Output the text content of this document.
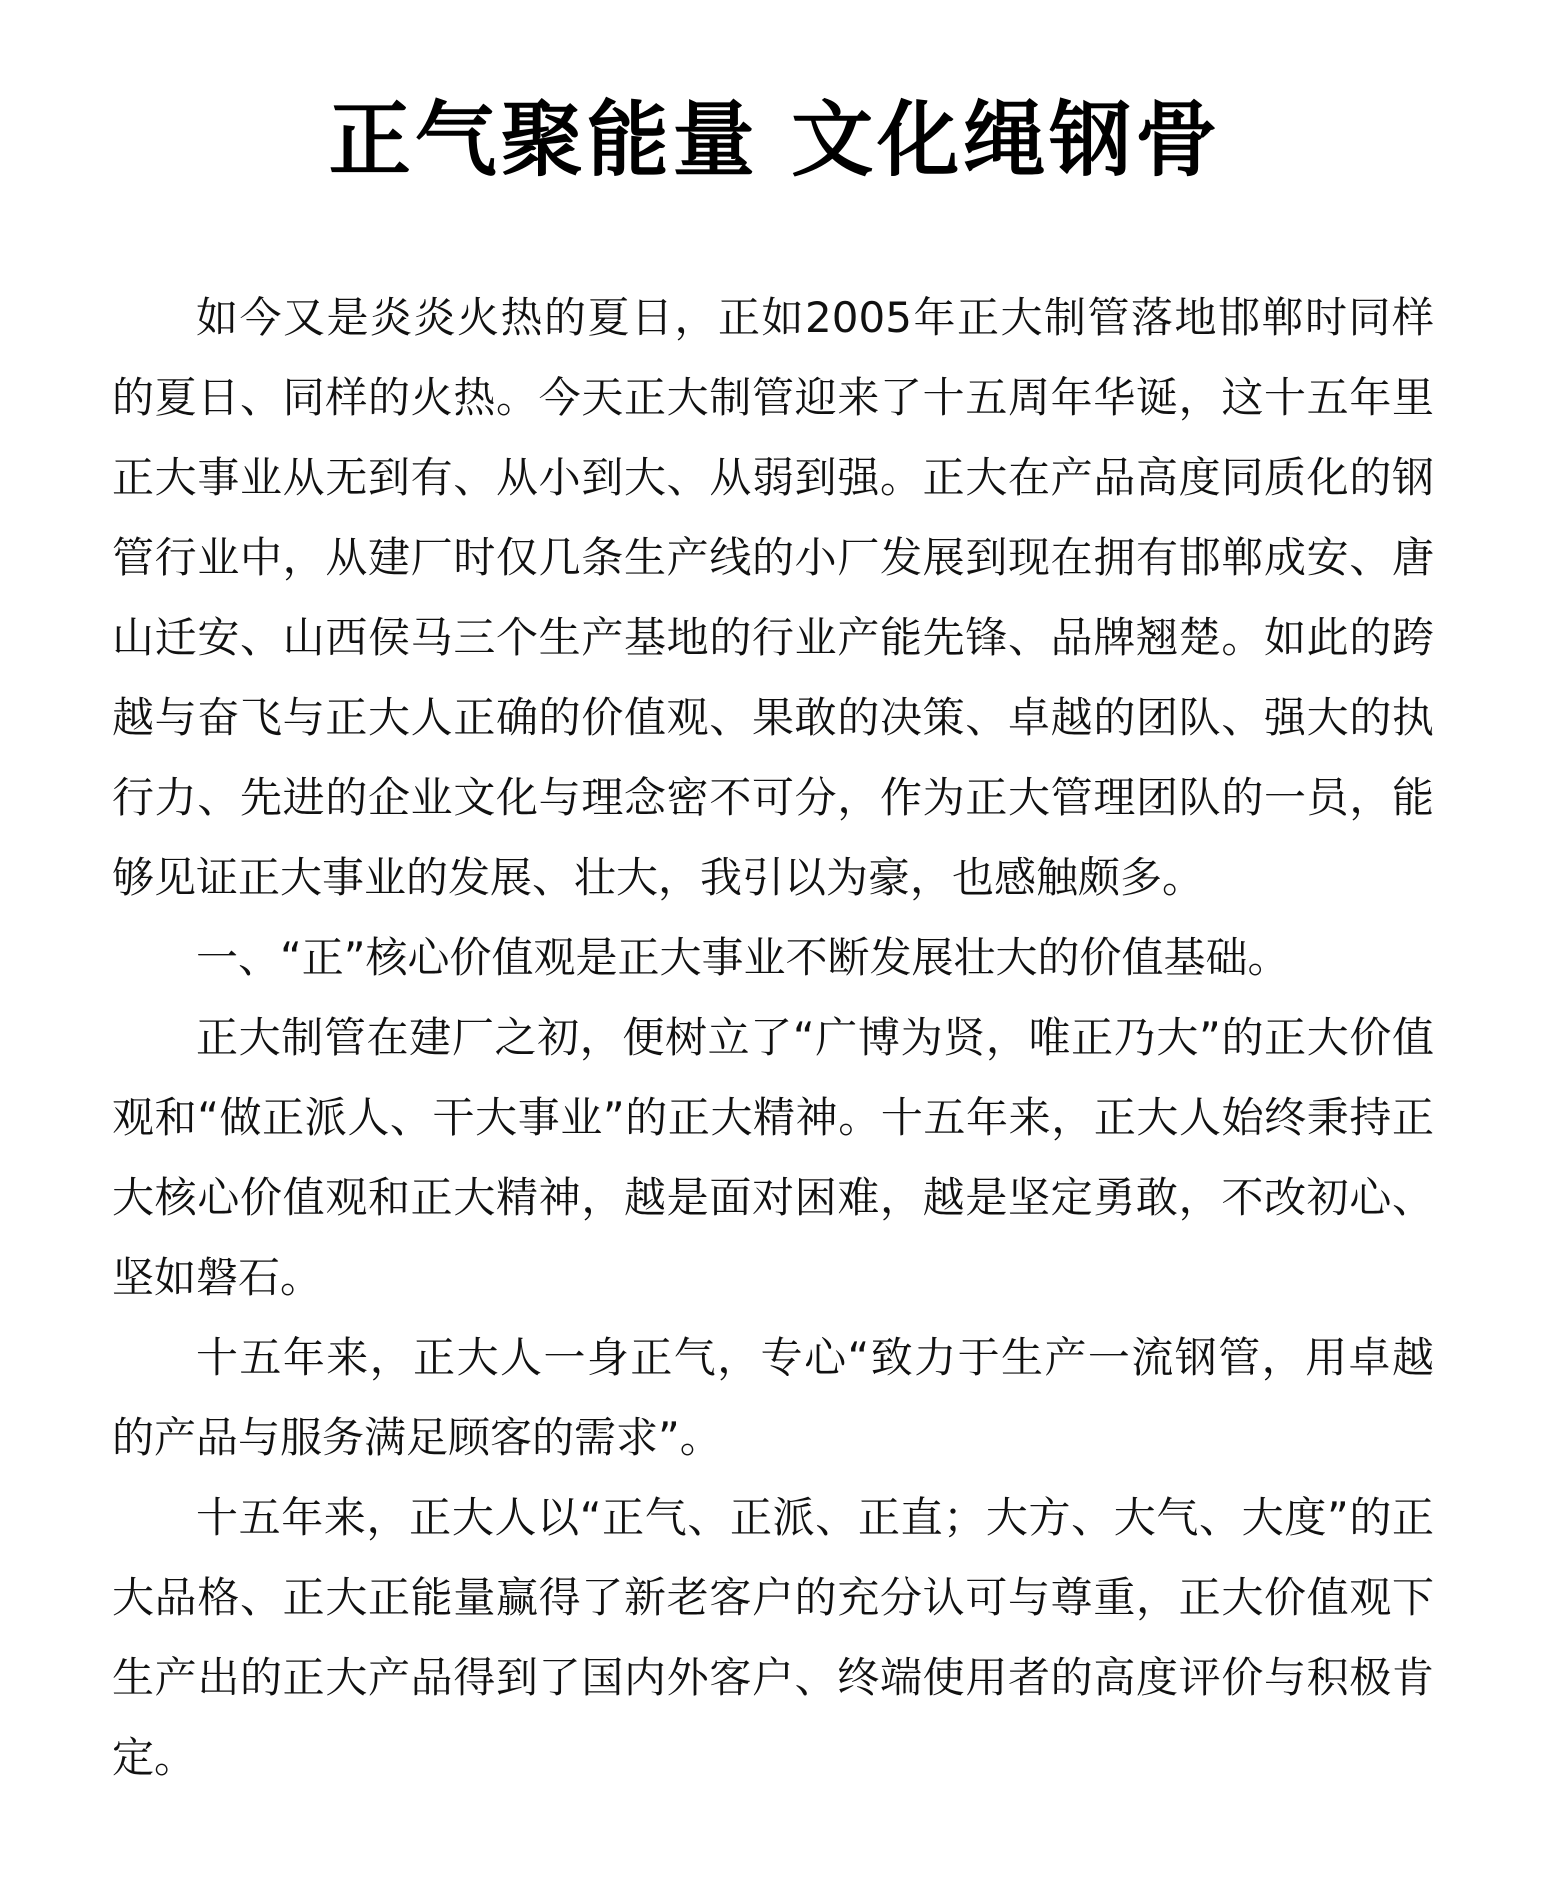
正气聚能量 文化绳钢骨

如今又是炎炎火热的夏日，正如2005年正大制管落地邯郸时同样的夏日、同样的火热。今天正大制管迎来了十五周年华诞，这十五年里正大事业从无到有、从小到大、从弱到强。正大在产品高度同质化的钢管行业中，从建厂时仅几条生产线的小厂发展到现在拥有邯郸成安、唐山迁安、山西侯马三个生产基地的行业产能先锋、品牌翘楚。如此的跨越与奋飞与正大人正确的价值观、果敢的决策、卓越的团队、强大的执行力、先进的企业文化与理念密不可分，作为正大管理团队的一员，能够见证正大事业的发展、壮大，我引以为豪，也感触颇多。

一、“正”核心价值观是正大事业不断发展壮大的价值基础。

正大制管在建厂之初，便树立了“广博为贤，唯正乃大”的正大价值观和“做正派人、干大事业”的正大精神。十五年来，正大人始终秉持正大核心价值观和正大精神，越是面对困难，越是坚定勇敢，不改初心、坚如磐石。

十五年来，正大人一身正气，专心“致力于生产一流钢管，用卓越的产品与服务满足顾客的需求”。

十五年来，正大人以“正气、正派、正直；大方、大气、大度”的正大品格、正大正能量赢得了新老客户的充分认可与尊重，正大价值观下生产出的正大产品得到了国内外客户、终端使用者的高度评价与积极肯定。
